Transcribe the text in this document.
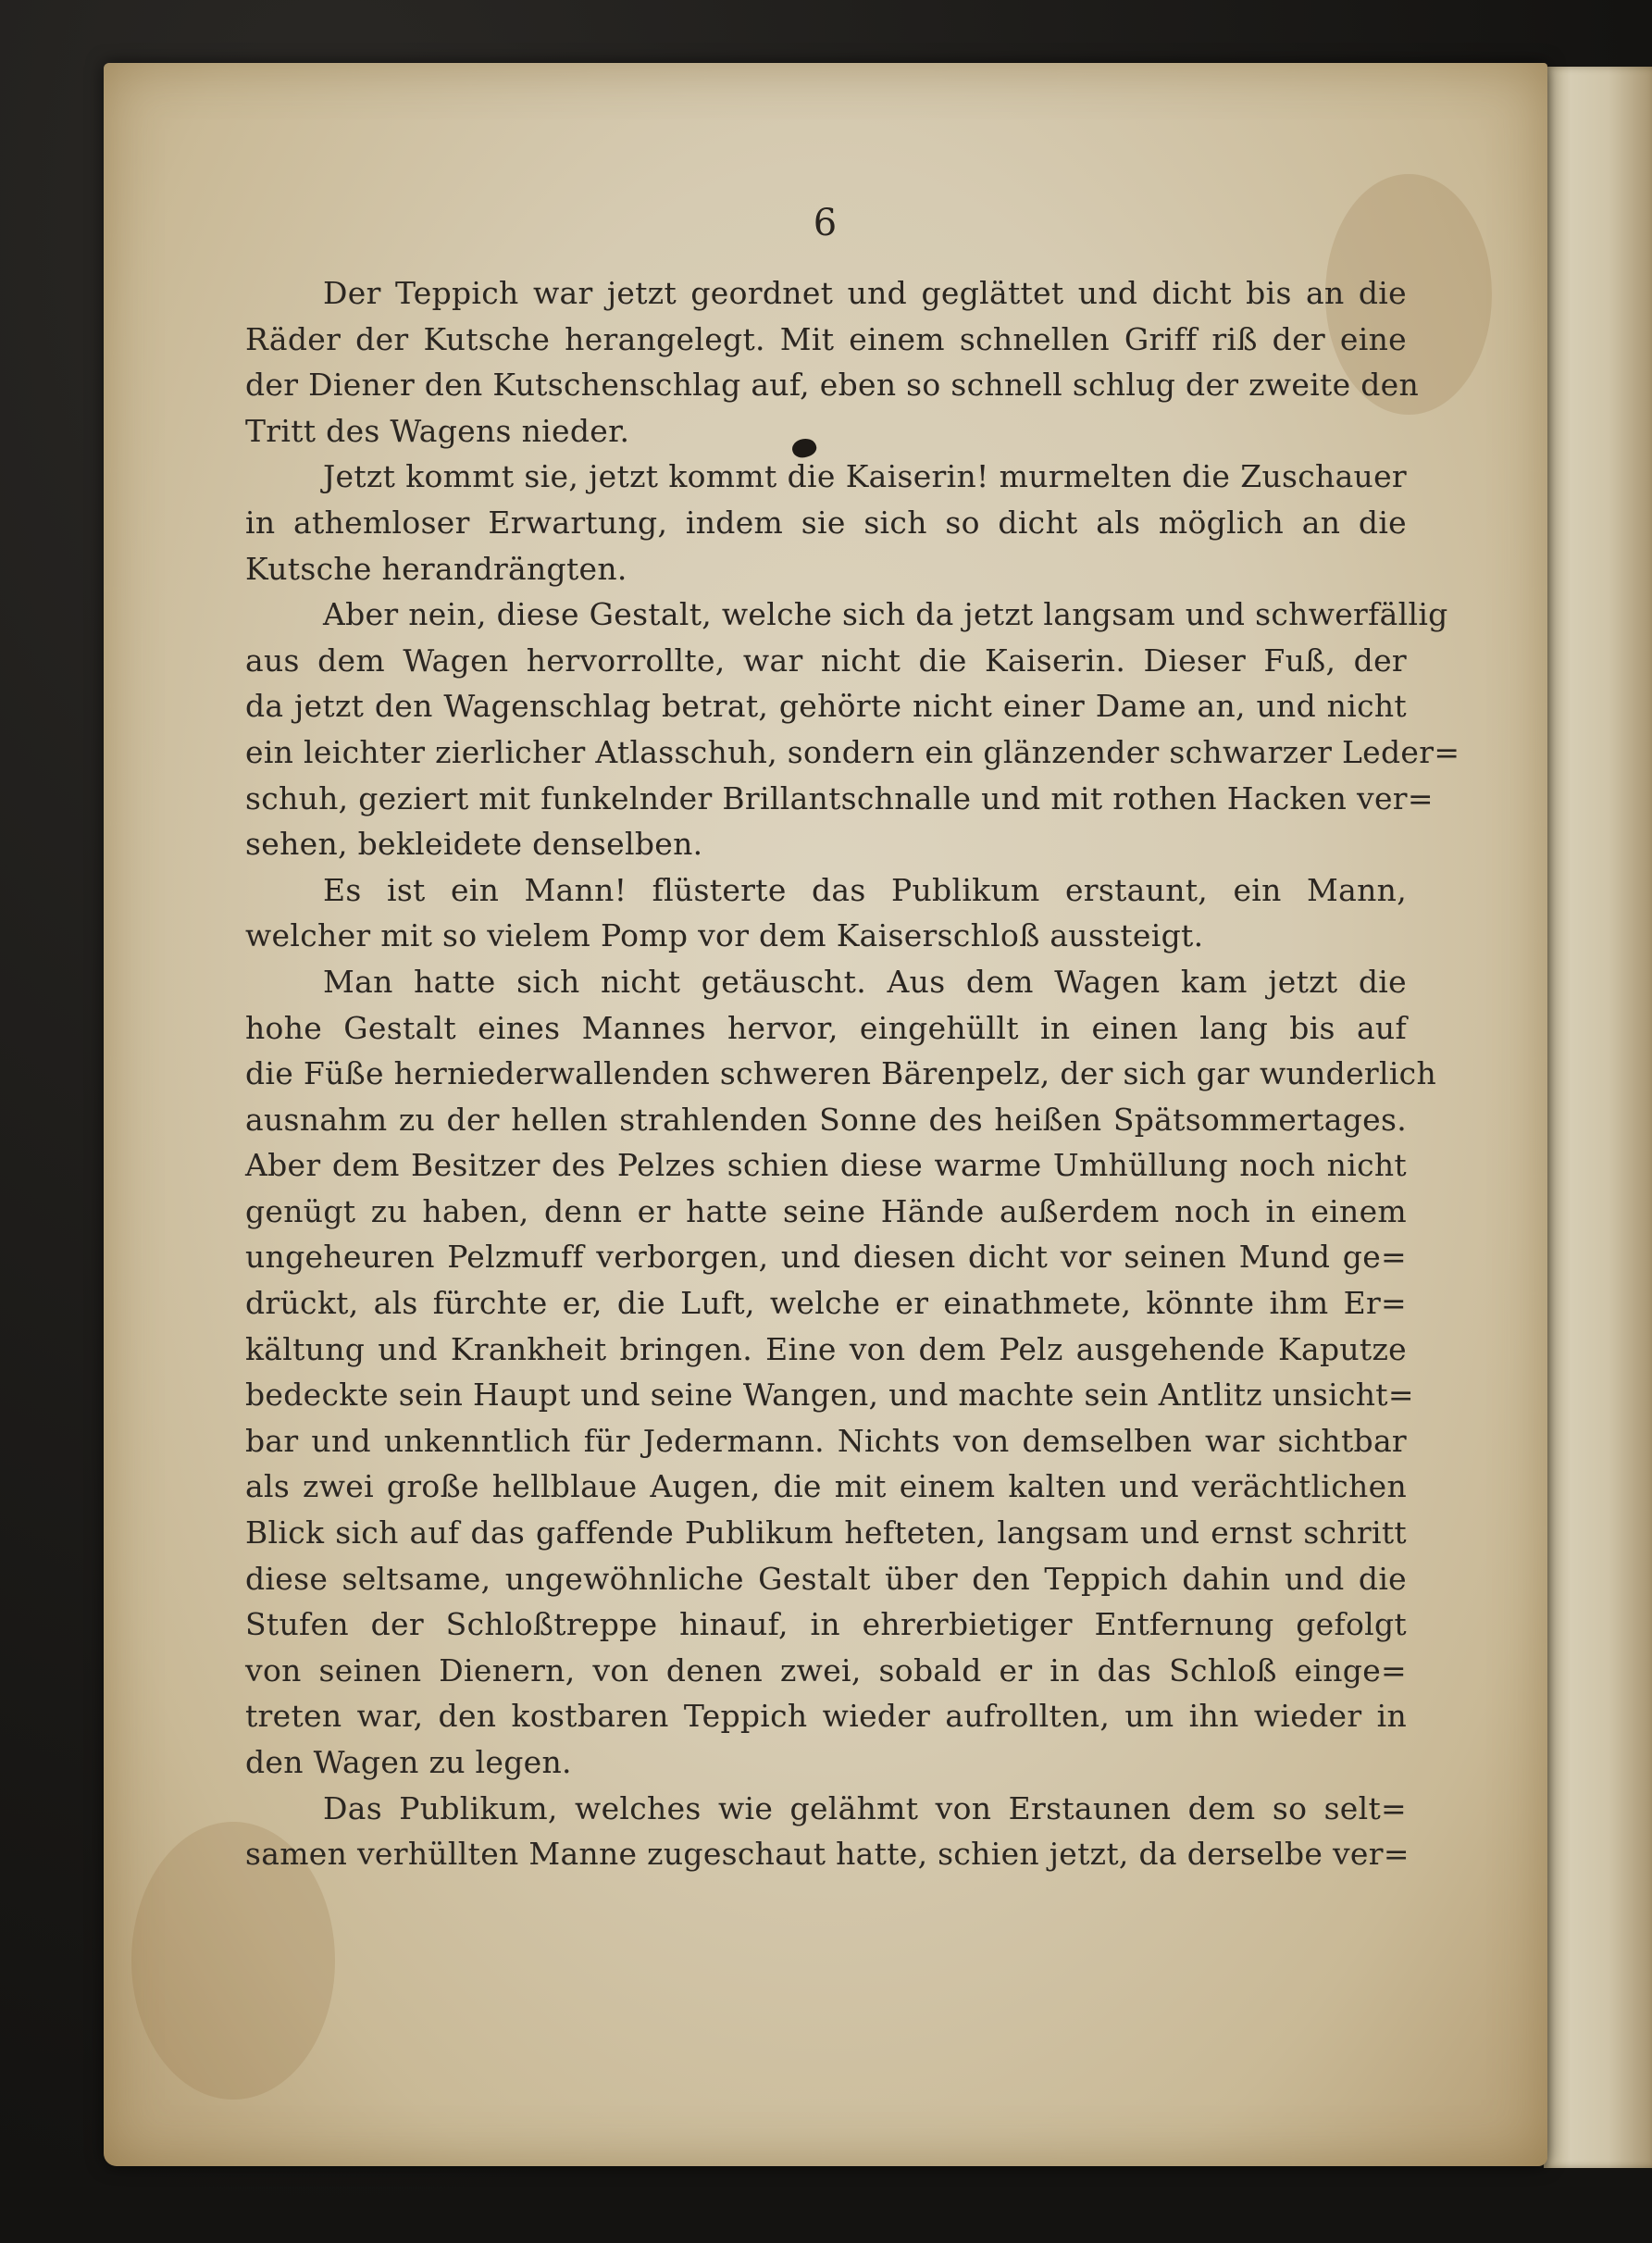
6
Der Teppich war jetzt geordnet und geglättet und dicht bis an die
Räder der Kutsche herangelegt. Mit einem schnellen Griff riß der eine
der Diener den Kutschenschlag auf, eben so schnell schlug der zweite den
Tritt des Wagens nieder.
Jetzt kommt sie, jetzt kommt die Kaiserin! murmelten die Zuschauer
in athemloser Erwartung, indem sie sich so dicht als möglich an die
Kutsche herandrängten.
Aber nein, diese Gestalt, welche sich da jetzt langsam und schwerfällig
aus dem Wagen hervorrollte, war nicht die Kaiserin. Dieser Fuß, der
da jetzt den Wagenschlag betrat, gehörte nicht einer Dame an, und nicht
ein leichter zierlicher Atlasschuh, sondern ein glänzender schwarzer Leder=
schuh, geziert mit funkelnder Brillantschnalle und mit rothen Hacken ver=
sehen, bekleidete denselben.
Es ist ein Mann! flüsterte das Publikum erstaunt, ein Mann,
welcher mit so vielem Pomp vor dem Kaiserschloß aussteigt.
Man hatte sich nicht getäuscht. Aus dem Wagen kam jetzt die
hohe Gestalt eines Mannes hervor, eingehüllt in einen lang bis auf
die Füße herniederwallenden schweren Bärenpelz, der sich gar wunderlich
ausnahm zu der hellen strahlenden Sonne des heißen Spätsommertages.
Aber dem Besitzer des Pelzes schien diese warme Umhüllung noch nicht
genügt zu haben, denn er hatte seine Hände außerdem noch in einem
ungeheuren Pelzmuff verborgen, und diesen dicht vor seinen Mund ge=
drückt, als fürchte er, die Luft, welche er einathmete, könnte ihm Er=
kältung und Krankheit bringen. Eine von dem Pelz ausgehende Kaputze
bedeckte sein Haupt und seine Wangen, und machte sein Antlitz unsicht=
bar und unkenntlich für Jedermann. Nichts von demselben war sichtbar
als zwei große hellblaue Augen, die mit einem kalten und verächtlichen
Blick sich auf das gaffende Publikum hefteten, langsam und ernst schritt
diese seltsame, ungewöhnliche Gestalt über den Teppich dahin und die
Stufen der Schloßtreppe hinauf, in ehrerbietiger Entfernung gefolgt
von seinen Dienern, von denen zwei, sobald er in das Schloß einge=
treten war, den kostbaren Teppich wieder aufrollten, um ihn wieder in
den Wagen zu legen.
Das Publikum, welches wie gelähmt von Erstaunen dem so selt=
samen verhüllten Manne zugeschaut hatte, schien jetzt, da derselbe ver=
